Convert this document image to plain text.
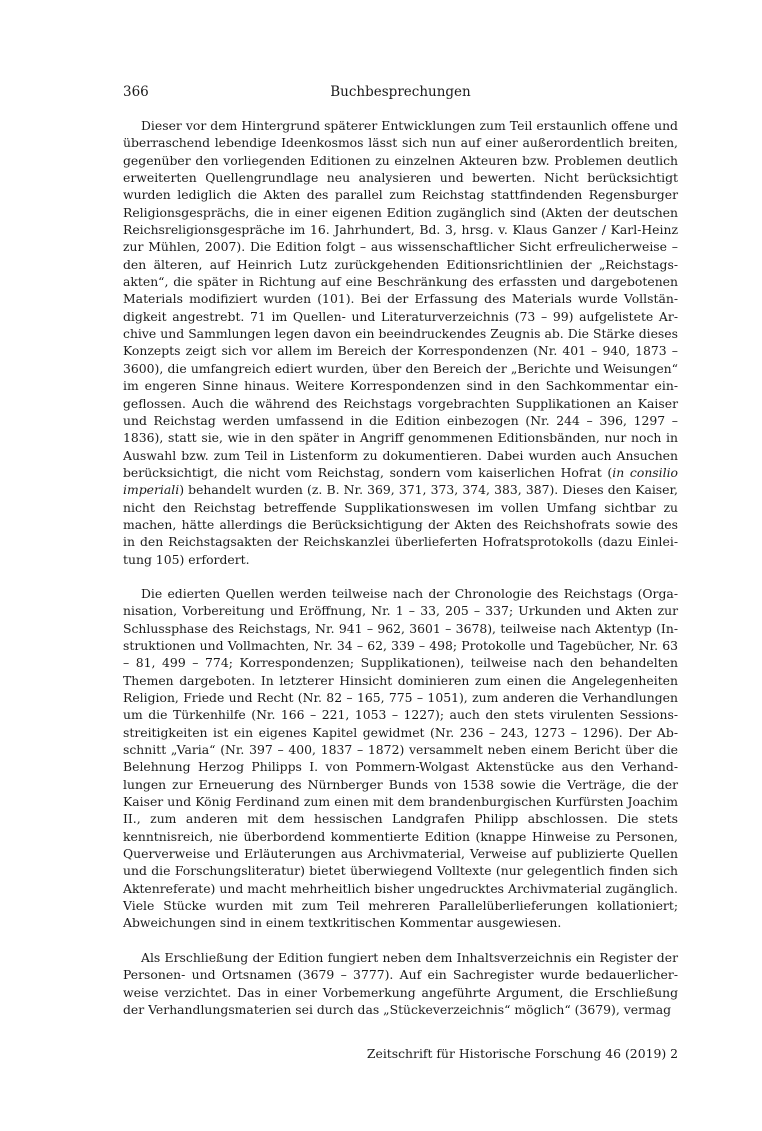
366	Buchbesprechungen

Dieser vor dem Hintergrund späterer Entwicklungen zum Teil erstaunlich offene und überraschend lebendige Ideenkosmos lässt sich nun auf einer außerordentlich breiten, gegenüber den vorliegenden Editionen zu einzelnen Akteuren bzw. Problemen deutlich erweiterten Quellengrundlage neu analysieren und bewerten. Nicht berücksichtigt wurden lediglich die Akten des parallel zum Reichstag stattfindenden Regensburger Religionsgesprächs, die in einer eigenen Edition zugänglich sind (Akten der deutschen Reichsreligionsgespräche im 16. Jahrhundert, Bd. 3, hrsg. v. Klaus Ganzer / Karl-Heinz zur Mühlen, 2007). Die Edition folgt – aus wissenschaftlicher Sicht erfreulicherweise – den älteren, auf Heinrich Lutz zurückgehenden Editionsrichtlinien der „Reichstagsakten“, die später in Richtung auf eine Beschränkung des erfassten und dargebotenen Materials modifiziert wurden (101). Bei der Erfassung des Materials wurde Vollständigkeit angestrebt. 71 im Quellen- und Literaturverzeichnis (73 – 99) aufgelistete Archive und Sammlungen legen davon ein beeindruckendes Zeugnis ab. Die Stärke dieses Konzepts zeigt sich vor allem im Bereich der Korrespondenzen (Nr. 401 – 940, 1873 – 3600), die umfangreich ediert wurden, über den Bereich der „Berichte und Weisungen“ im engeren Sinne hinaus. Weitere Korrespondenzen sind in den Sachkommentar eingeflossen. Auch die während des Reichstags vorgebrachten Supplikationen an Kaiser und Reichstag werden umfassend in die Edition einbezogen (Nr. 244 – 396, 1297 – 1836), statt sie, wie in den später in Angriff genommenen Editionsbänden, nur noch in Auswahl bzw. zum Teil in Listenform zu dokumentieren. Dabei wurden auch Ansuchen berücksichtigt, die nicht vom Reichstag, sondern vom kaiserlichen Hofrat (in consilio imperiali) behandelt wurden (z. B. Nr. 369, 371, 373, 374, 383, 387). Dieses den Kaiser, nicht den Reichstag betreffende Supplikationswesen im vollen Umfang sichtbar zu machen, hätte allerdings die Berücksichtigung der Akten des Reichshofrats sowie des in den Reichstagsakten der Reichskanzlei überlieferten Hofratsprotokolls (dazu Einleitung 105) erfordert.

Die edierten Quellen werden teilweise nach der Chronologie des Reichstags (Organisation, Vorbereitung und Eröffnung, Nr. 1 – 33, 205 – 337; Urkunden und Akten zur Schlussphase des Reichstags, Nr. 941 – 962, 3601 – 3678), teilweise nach Aktentyp (Instruktionen und Vollmachten, Nr. 34 – 62, 339 – 498; Protokolle und Tagebücher, Nr. 63 – 81, 499 – 774; Korrespondenzen; Supplikationen), teilweise nach den behandelten Themen dargeboten. In letzterer Hinsicht dominieren zum einen die Angelegenheiten Religion, Friede und Recht (Nr. 82 – 165, 775 – 1051), zum anderen die Verhandlungen um die Türkenhilfe (Nr. 166 – 221, 1053 – 1227); auch den stets virulenten Sessionsstreitigkeiten ist ein eigenes Kapitel gewidmet (Nr. 236 – 243, 1273 – 1296). Der Abschnitt „Varia“ (Nr. 397 – 400, 1837 – 1872) versammelt neben einem Bericht über die Belehnung Herzog Philipps I. von Pommern-Wolgast Aktenstücke aus den Verhandlungen zur Erneuerung des Nürnberger Bunds von 1538 sowie die Verträge, die der Kaiser und König Ferdinand zum einen mit dem brandenburgischen Kurfürsten Joachim II., zum anderen mit dem hessischen Landgrafen Philipp abschlossen. Die stets kenntnisreich, nie überbordend kommentierte Edition (knappe Hinweise zu Personen, Querverweise und Erläuterungen aus Archivmaterial, Verweise auf publizierte Quellen und die Forschungsliteratur) bietet überwiegend Volltexte (nur gelegentlich finden sich Aktenreferate) und macht mehrheitlich bisher ungedrucktes Archivmaterial zugänglich. Viele Stücke wurden mit zum Teil mehreren Parallelüberlieferungen kollationiert; Abweichungen sind in einem textkritischen Kommentar ausgewiesen.

Als Erschließung der Edition fungiert neben dem Inhaltsverzeichnis ein Register der Personen- und Ortsnamen (3679 – 3777). Auf ein Sachregister wurde bedauerlicherweise verzichtet. Das in einer Vorbemerkung angeführte Argument, die Erschließung der Verhandlungsmaterien sei durch das „Stückeverzeichnis“ möglich“ (3679), vermag

Zeitschrift für Historische Forschung 46 (2019) 2
